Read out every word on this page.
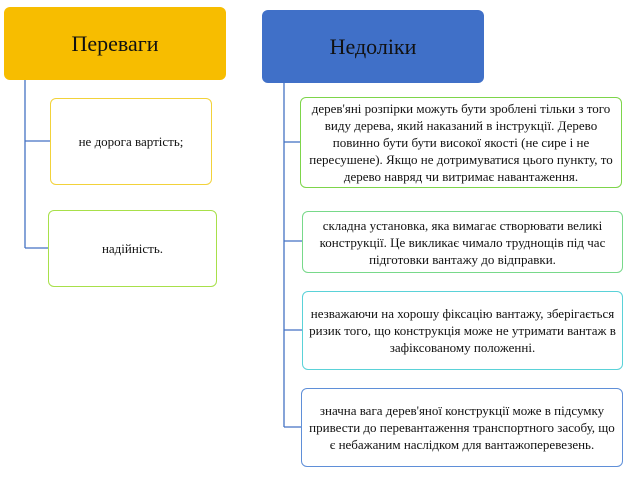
Переваги	Недоліки
не дорога вартість;
надійність.
дерев'яні розпірки можуть бути зроблені тільки з того виду дерева, який наказаний в інструкції. Дерево повинно бути бути високої якості (не сире і не пересушене). Якщо не дотримуватися цього пункту, то дерево навряд чи витримає навантаження.
складна установка, яка вимагає створювати великі конструкції. Це викликає чимало труднощів під час підготовки вантажу до відправки.
незважаючи на хорошу фіксацію вантажу, зберігається ризик того, що конструкція може не утримати вантаж в зафіксованому положенні.
значна вага дерев'яної конструкції може в підсумку привести до перевантаження транспортного засобу, що є небажаним наслідком для вантажоперевезень.
